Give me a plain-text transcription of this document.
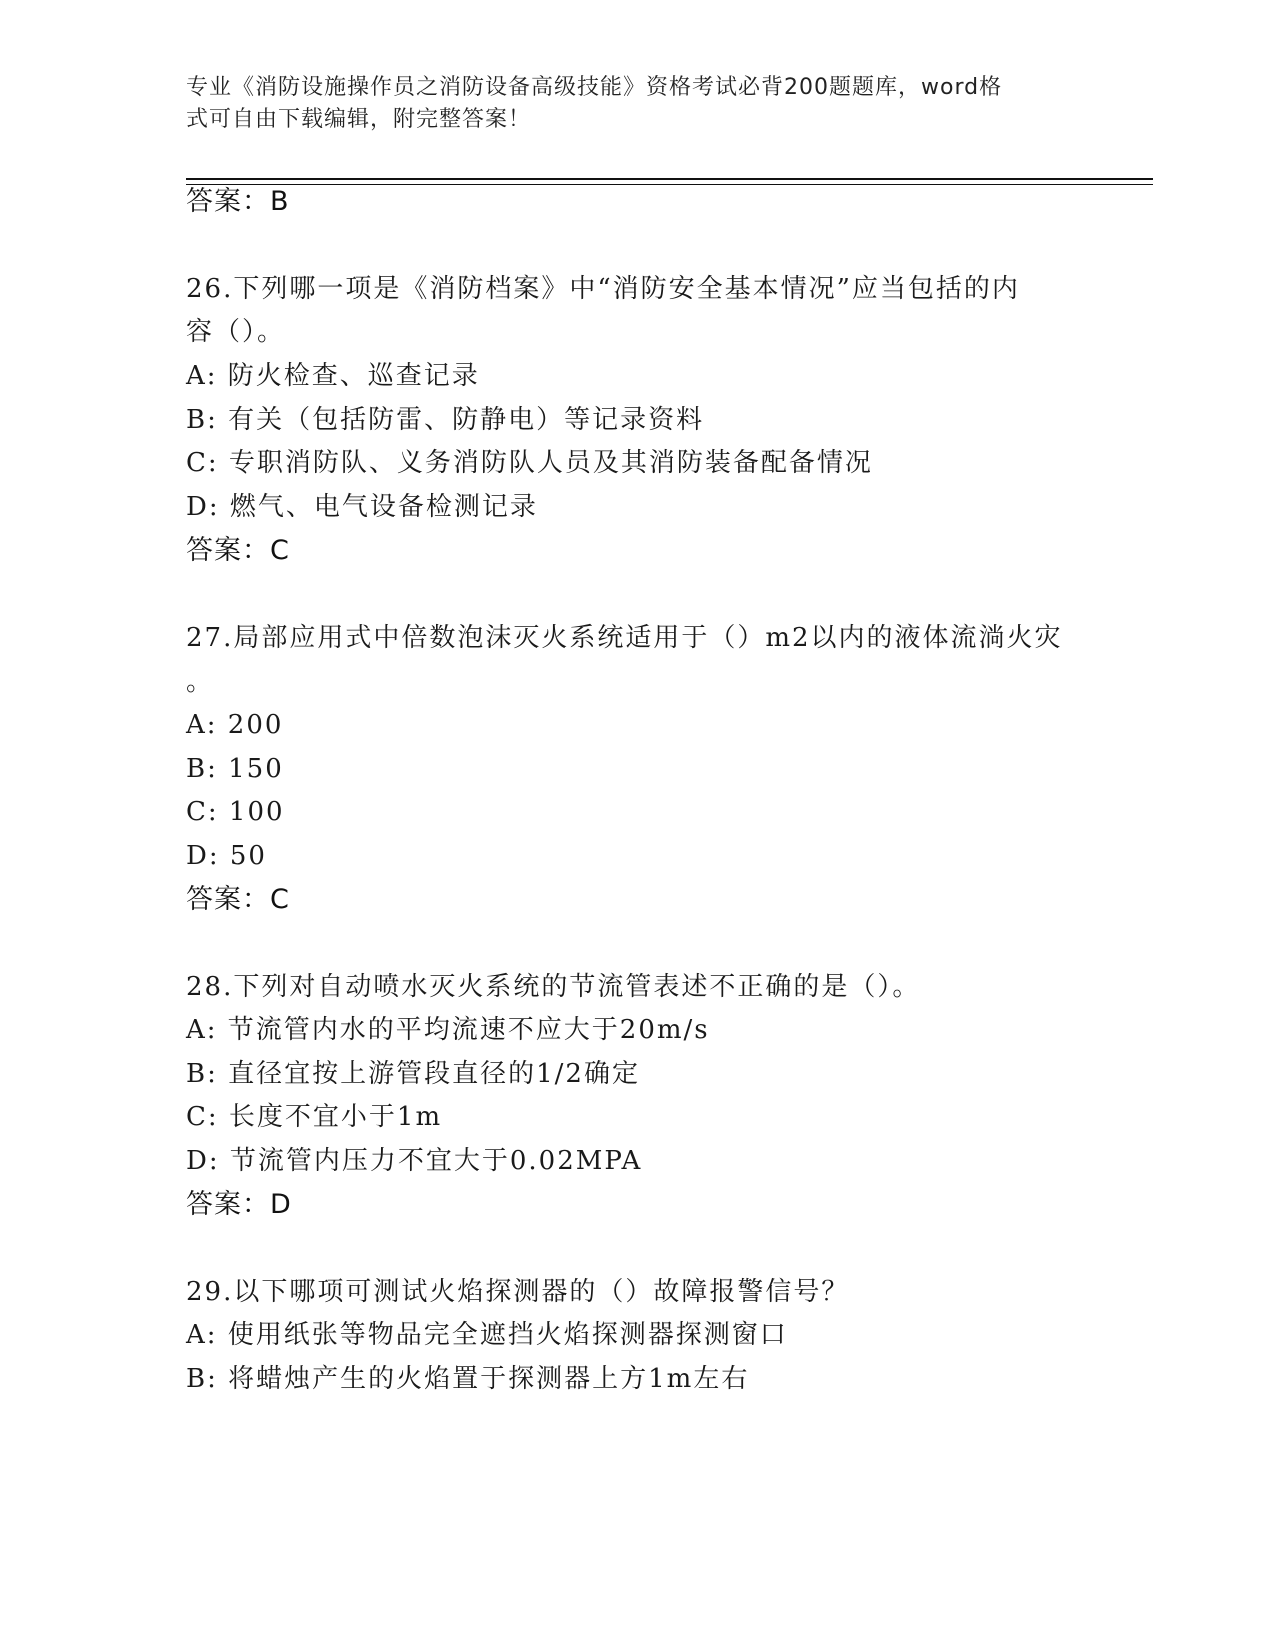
专业《消防设施操作员之消防设备高级技能》资格考试必背200题题库，word格
式可自由下载编辑，附完整答案！
答案：B
26.下列哪一项是《消防档案》中“消防安全基本情况”应当包括的内
容（）。
A: 防火检查、巡查记录
B: 有关（包括防雷、防静电）等记录资料
C: 专职消防队、义务消防队人员及其消防装备配备情况
D: 燃气、电气设备检测记录
答案：C
27.局部应用式中倍数泡沫灭火系统适用于（）m2以内的液体流淌火灾
。
A: 200
B: 150
C: 100
D: 50
答案：C
28.下列对自动喷水灭火系统的节流管表述不正确的是（）。
A: 节流管内水的平均流速不应大于20m/s
B: 直径宜按上游管段直径的1/2确定
C: 长度不宜小于1m
D: 节流管内压力不宜大于0.02MPA
答案：D
29.以下哪项可测试火焰探测器的（）故障报警信号？
A: 使用纸张等物品完全遮挡火焰探测器探测窗口
B: 将蜡烛产生的火焰置于探测器上方1m左右
